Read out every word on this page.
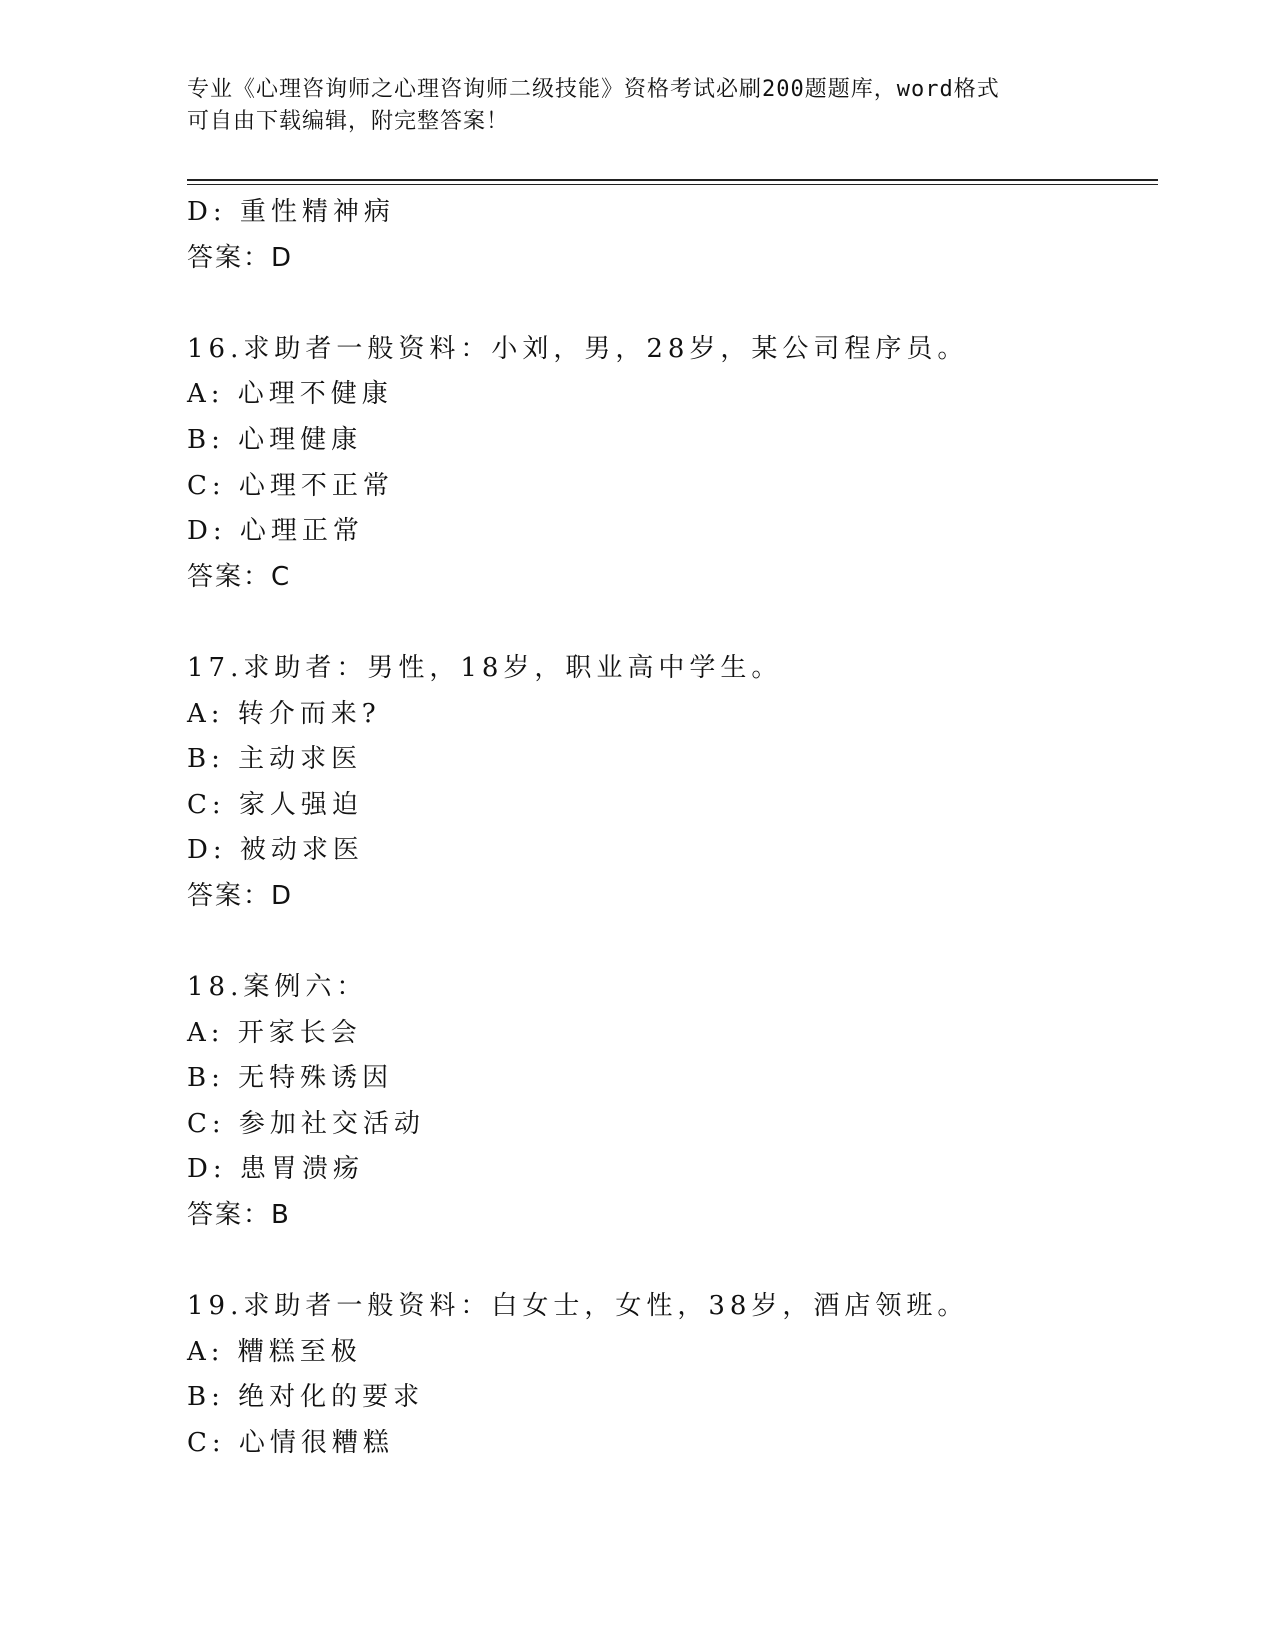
专业《心理咨询师之心理咨询师二级技能》资格考试必刷200题题库，word格式
可自由下载编辑，附完整答案！
D: 重性精神病
答案：D
16.求助者一般资料：小刘，男，28岁，某公司程序员。
A: 心理不健康
B: 心理健康
C: 心理不正常
D: 心理正常
答案：C
17.求助者：男性，18岁，职业高中学生。
A: 转介而来?
B: 主动求医
C: 家人强迫
D: 被动求医
答案：D
18.案例六：
A: 开家长会
B: 无特殊诱因
C: 参加社交活动
D: 患胃溃疡
答案：B
19.求助者一般资料：白女士，女性，38岁，酒店领班。
A: 糟糕至极
B: 绝对化的要求
C: 心情很糟糕
